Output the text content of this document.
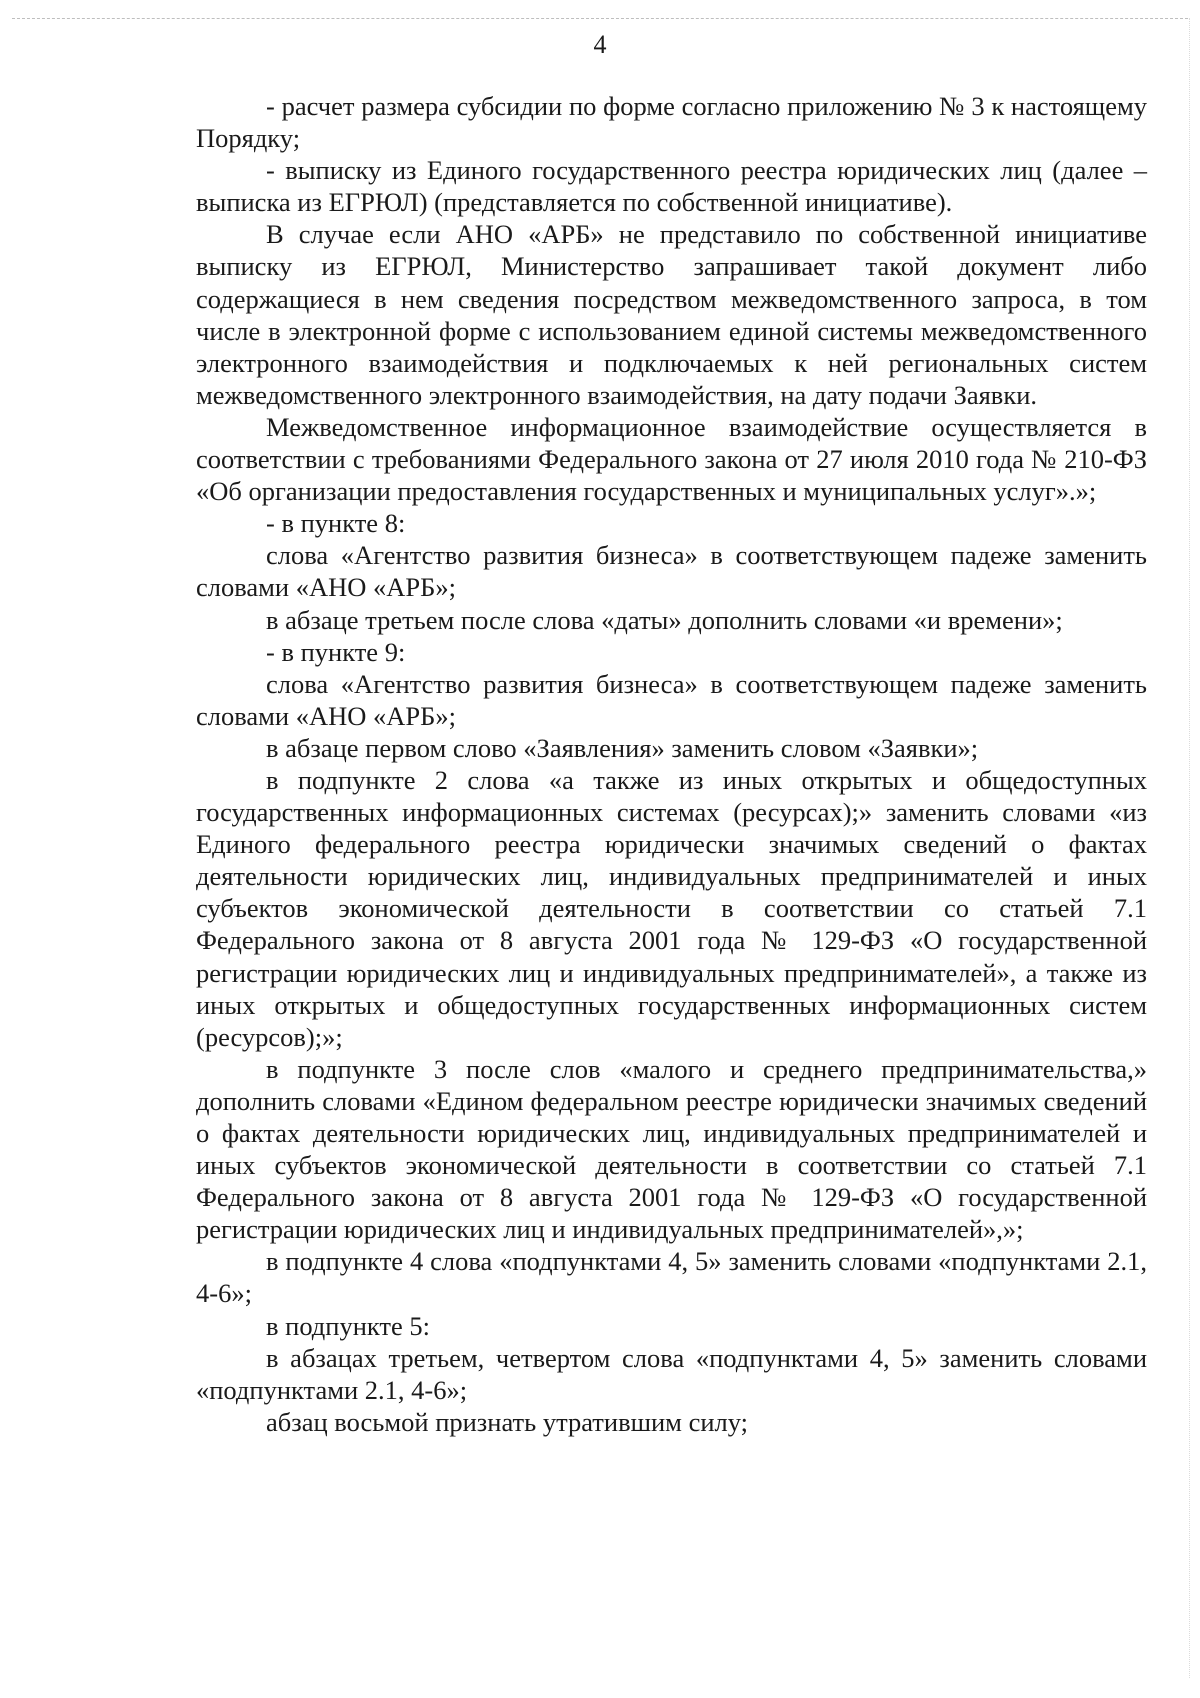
4

- расчет размера субсидии по форме согласно приложению № 3 к настоящему Порядку;

- выписку из Единого государственного реестра юридических лиц (далее – выписка из ЕГРЮЛ) (представляется по собственной инициативе).

В случае если АНО «АРБ» не представило по собственной инициативе выписку из ЕГРЮЛ, Министерство запрашивает такой документ либо содержащиеся в нем сведения посредством межведомственного запроса, в том числе в электронной форме с использованием единой системы межведомственного электронного взаимодействия и подключаемых к ней региональных систем межведомственного электронного взаимодействия, на дату подачи Заявки.

Межведомственное информационное взаимодействие осуществляется в соответствии с требованиями Федерального закона от 27 июля 2010 года № 210-ФЗ «Об организации предоставления государственных и муниципальных услуг».»;

- в пункте 8:

слова «Агентство развития бизнеса» в соответствующем падеже заменить словами «АНО «АРБ»;

в абзаце третьем после слова «даты» дополнить словами «и времени»;

- в пункте 9:

слова «Агентство развития бизнеса» в соответствующем падеже заменить словами «АНО «АРБ»;

в абзаце первом слово «Заявления» заменить словом «Заявки»;

в подпункте 2 слова «а также из иных открытых и общедоступных государственных информационных системах (ресурсах);» заменить словами «из Единого федерального реестра юридически значимых сведений о фактах деятельности юридических лиц, индивидуальных предпринимателей и иных субъектов экономической деятельности в соответствии со статьей 7.1 Федерального закона от 8 августа 2001 года № 129-ФЗ «О государственной регистрации юридических лиц и индивидуальных предпринимателей», а также из иных открытых и общедоступных государственных информационных систем (ресурсов);»;

в подпункте 3 после слов «малого и среднего предпринимательства,» дополнить словами «Едином федеральном реестре юридически значимых сведений о фактах деятельности юридических лиц, индивидуальных предпринимателей и иных субъектов экономической деятельности в соответствии со статьей 7.1 Федерального закона от 8 августа 2001 года № 129-ФЗ «О государственной регистрации юридических лиц и индивидуальных предпринимателей»,»;

в подпункте 4 слова «подпунктами 4, 5» заменить словами «подпунктами 2.1, 4-6»;

в подпункте 5:

в абзацах третьем, четвертом слова «подпунктами 4, 5» заменить словами «подпунктами 2.1, 4-6»;

абзац восьмой признать утратившим силу;
